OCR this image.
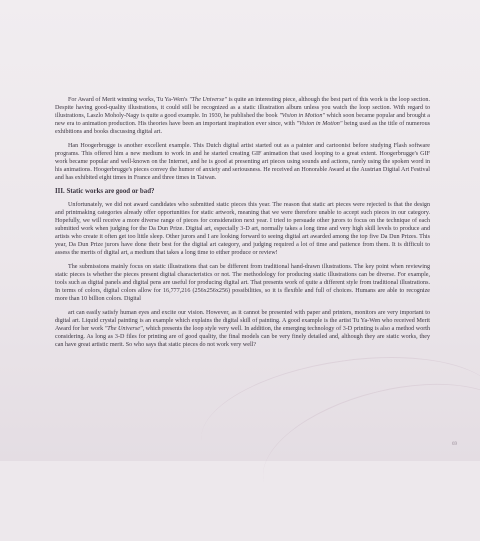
For Award of Merit winning works, Tu Ya-Wen's "The Universe" is quite an interesting piece, although the best part of this work is the loop section. Despite having good-quality illustrations, it could still be recognized as a static illustration album unless you watch the loop section. With regard to illustrations, Laszlo Moholy-Nagy is quite a good example. In 1930, he published the book "Vision in Motion" which soon became popular and brought a new era to animation production. His theories have been an important inspiration ever since, with "Vision in Motion" being used as the title of numerous exhibitions and books discussing digital art.

Han Hoogerbrugge is another excellent example. This Dutch digital artist started out as a painter and cartoonist before studying Flash software programs. This offered him a new medium to work in and he started creating GIF animation that used looping to a great extent. Hoogerbrugge's GIF work became popular and well-known on the Internet, and he is good at presenting art pieces using sounds and actions, rarely using the spoken word in his animations. Hoogerbrugge's pieces convey the humor of anxiety and seriousness. He received an Honorable Award at the Austrian Digital Art Festival and has exhibited eight times in France and three times in Taiwan.

III. Static works are good or bad?

Unfortunately, we did not award candidates who submitted static pieces this year. The reason that static art pieces were rejected is that the design and printmaking categories already offer opportunities for static artwork, meaning that we were therefore unable to accept such pieces in our category. Hopefully, we will receive a more diverse range of pieces for consideration next year. I tried to persuade other jurors to focus on the technique of each submitted work when judging for the Da Dun Prize. Digital art, especially 3-D art, normally takes a long time and very high skill levels to produce and artists who create it often get too little sleep. Other jurors and I are looking forward to seeing digital art awarded among the top five Da Dun Prizes. This year, Da Dun Prize jurors have done their best for the digital art category, and judging required a lot of time and patience from them. It is difficult to assess the merits of digital art, a medium that takes a long time to either produce or review!

The submissions mainly focus on static illustrations that can be different from traditional hand-drawn illustrations. The key point when reviewing static pieces is whether the pieces present digital characteristics or not. The methodology for producing static illustrations can be diverse. For example, tools such as digital panels and digital pens are useful for producing digital art. That presents work of quite a different style from traditional illustrations. In terms of colors, digital colors allow for 16,777,216 (256x256x256) possibilities, so it is flexible and full of choices. Humans are able to recognize more than 10 billion colors. Digital

art can easily satisfy human eyes and excite our vision. However, as it cannot be presented with paper and printers, monitors are very important to digital art. Liquid crystal painting is an example which explains the digital skill of painting. A good example is the artist Tu Ya-Wen who received Merit Award for her work "The Universe", which presents the loop style very well. In addition, the emerging technology of 3-D printing is also a method worth considering. As long as 3-D files for printing are of good quality, the final models can be very finely detailed and, although they are static works, they can have great artistic merit. So who says that static pieces do not work very well?

69
